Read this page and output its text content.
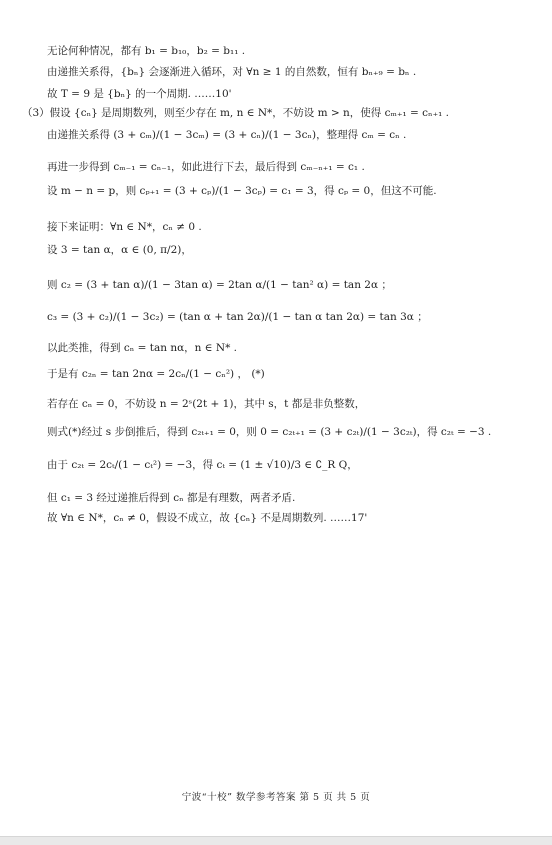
无论何种情况，都有 b₁ = b₁₀，b₂ = b₁₁ .
由递推关系得，{bₙ} 会逐渐进入循环，对 ∀n ≥ 1 的自然数，恒有 bₙ₊₉ = bₙ .
故 T = 9 是 {bₙ} 的一个周期. ……10'
（3）假设 {cₙ} 是周期数列，则至少存在 m, n ∈ N*，不妨设 m > n，使得 cₘ₊₁ = cₙ₊₁ .
由递推关系得 (3 + cₘ)/(1 − 3cₘ) = (3 + cₙ)/(1 − 3cₙ)，整理得 cₘ = cₙ .
再进一步得到 cₘ₋₁ = cₙ₋₁，如此进行下去，最后得到 cₘ₋ₙ₊₁ = c₁ .
设 m − n = p，则 cₚ₊₁ = (3 + cₚ)/(1 − 3cₚ) = c₁ = 3，得 cₚ = 0，但这不可能.
接下来证明：∀n ∈ N*，cₙ ≠ 0 .
设 3 = tan α，α ∈ (0, π/2)，
则 c₂ = (3 + tan α)/(1 − 3tan α) = 2tan α/(1 − tan² α) = tan 2α ；
c₃ = (3 + c₂)/(1 − 3c₂) = (tan α + tan 2α)/(1 − tan α tan 2α) = tan 3α ；
以此类推，得到 cₙ = tan nα，n ∈ N* .
于是有 c₂ₙ = tan 2nα = 2cₙ/(1 − cₙ²) ， (*)
若存在 cₙ = 0，不妨设 n = 2ˢ(2t + 1)，其中 s，t 都是非负整数，
则式(*)经过 s 步倒推后，得到 c₂ₜ₊₁ = 0，则 0 = c₂ₜ₊₁ = (3 + c₂ₜ)/(1 − 3c₂ₜ)，得 c₂ₜ = −3 .
由于 c₂ₜ = 2cₜ/(1 − cₜ²) = −3，得 cₜ = (1 ± √10)/3 ∈ ∁_R Q，
但 c₁ = 3 经过递推后得到 cₙ 都是有理数，两者矛盾.
故 ∀n ∈ N*，cₙ ≠ 0，假设不成立，故 {cₙ} 不是周期数列. ……17'
宁波“十校” 数学参考答案 第 5 页 共 5 页
